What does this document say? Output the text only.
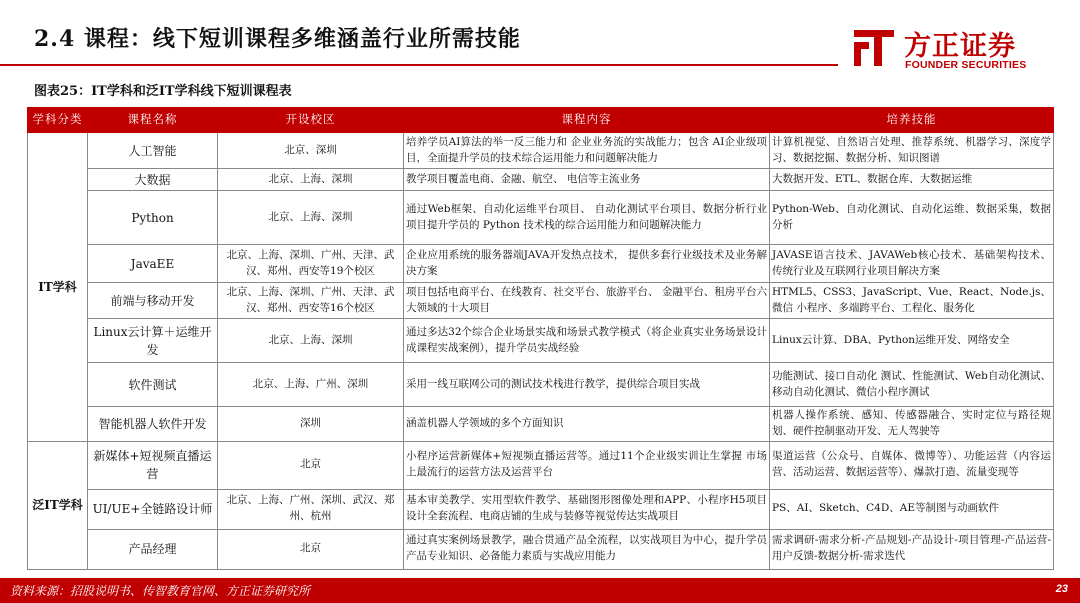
2.4 课程：线下短训课程多维涵盖行业所需技能	方正证券
FOUNDER SECURITIES
图表25：IT学科和泛IT学科线下短训课程表
学科分类	课程名称	开设校区	课程内容	培养技能
IT学科	人工智能	北京、深圳	培养学员AI算法的举一反三能力和 企业业务流的实战能力；包含 AI企业级项目，全面提升学员的技术综合运用能力和问题解决能力	计算机视觉、自然语言处理、推荐系统、机器学习、深度学习、数据挖掘、数据分析、知识图谱
	大数据	北京、上海、深圳	教学项目覆盖电商、金融、航空、 电信等主流业务	大数据开发、ETL、数据仓库、大数据运维
	Python	北京、上海、深圳	通过Web框架、自动化运维平台项目、 自动化测试平台项目、数据分析行业项目提升学员的 Python 技术栈的综合运用能力和问题解决能力	Python-Web、自动化测试、自动化运维、数据采集，数据分析
	JavaEE	北京、上海、深圳、广州、天津、武汉、郑州、西安等19个校区	企业应用系统的服务器端JAVA开发热点技术， 提供多套行业级技术及业务解决方案	JAVASE语言技术、JAVAWeb核心技术、基础架构技术、 传统行业及互联网行业项目解决方案
	前端与移动开发	北京、上海、深圳、广州、天津、武汉、郑州、西安等16个校区	项目包括电商平台、在线教育、社交平台、旅游平台、 金融平台、租房平台六大领域的十大项目	HTML5、CSS3、JavaScript、Vue、React、Node.js、微信 小程序、多端跨平台、工程化、服务化
	Linux云计算＋运维开发	北京、上海、深圳	通过多达32个综合企业场景实战和场景式教学模式（将企业真实业务场景设计成课程实战案例），提升学员实战经验	Linux云计算、DBA、Python运维开发、网络安全
	软件测试	北京、上海、广州、深圳	采用一线互联网公司的测试技术栈进行教学，提供综合项目实战	功能测试、接口自动化 测试、性能测试、Web自动化测试、移动自动化测试、微信小程序测试
	智能机器人软件开发	深圳	涵盖机器人学领域的多个方面知识	机器人操作系统、感知、传感器融合、实时定位与路径规划、硬件控制驱动开发、无人驾驶等
泛IT学科	新媒体+短视频直播运营	北京	小程序运营新媒体+短视频直播运营等。通过11个企业级实训让生掌握 市场上最流行的运营方法及运营平台	渠道运营（公众号、自媒体、微博等）、功能运营（内容运营、活动运营、数据运营等）、爆款打造、流量变现等
	UI/UE+全链路设计师	北京、上海、广州、深圳、武汉、郑州、杭州	基本审美教学、实用型软件教学、基础图形图像处理和APP、小程序H5项目设计全套流程、电商店铺的生成与装修等视觉传达实战项目	PS、AI、Sketch、C4D、AE等制图与动画软件
	产品经理	北京	通过真实案例场景教学，融合贯通产品全流程，以实战项目为中心，提升学员产品专业知识、必备能力素质与实战应用能力	需求调研-需求分析-产品规划-产品设计-项目管理-产品运营-用户反馈-数据分析-需求迭代
资料来源：招股说明书、传智教育官网、方正证券研究所	23
